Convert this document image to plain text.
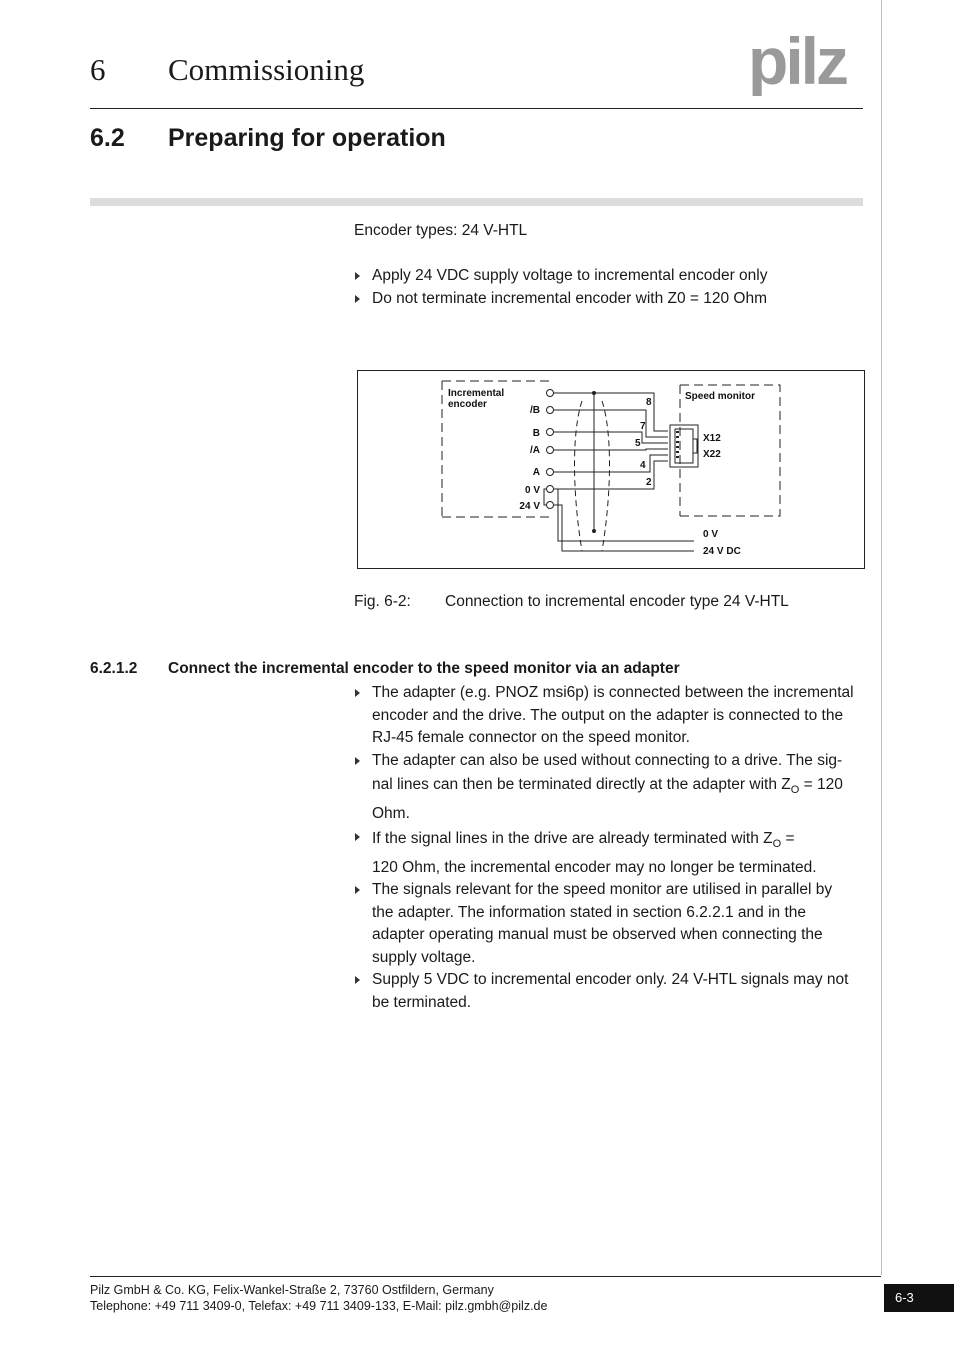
6 Commissioning	pilz
6.2 Preparing for operation
Encoder types: 24 V-HTL
Apply 24 VDC supply voltage to incremental encoder only
Do not terminate incremental encoder with Z0 = 120 Ohm
Incremental
encoder
Speed monitor
/B
B
/A
A
0 V
24 V
8
7
5
4
2
X12
X22
0 V
24 V DC
Fig. 6-2: Connection to incremental encoder type 24 V-HTL
6.2.1.2 Connect the incremental encoder to the speed monitor via an adapter
The adapter (e.g. PNOZ msi6p) is connected between the incremental
encoder and the drive. The output on the adapter is connected to the
RJ-45 female connector on the speed monitor.
The adapter can also be used without connecting to a drive. The sig-
nal lines can then be terminated directly at the adapter with $Z_O = 120$
Ohm.
If the signal lines in the drive are already terminated with $Z_O$ =
120 Ohm, the incremental encoder may no longer be terminated.
The signals relevant for the speed monitor are utilised in parallel by
the adapter. The information stated in section 6.2.2.1 and in the
adapter operating manual must be observed when connecting the
supply voltage.
Supply 5 VDC to incremental encoder only. 24 V-HTL signals may not
be terminated.
Pilz GmbH & Co. KG, Felix-Wankel-Straße 2, 73760 Ostfildern, Germany
Telephone: +49 711 3409-0, Telefax: +49 711 3409-133, E-Mail: pilz.gmbh@pilz.de
6-3
